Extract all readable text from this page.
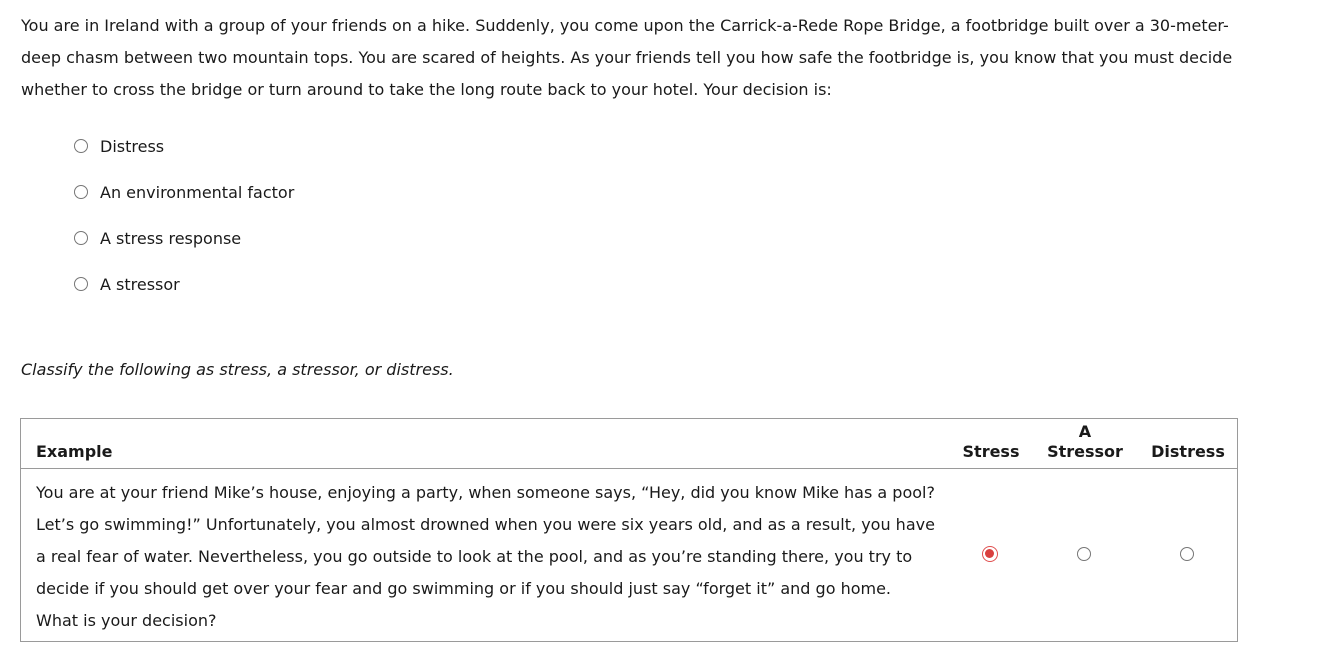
You are in Ireland with a group of your friends on a hike. Suddenly, you come upon the Carrick-a-Rede Rope Bridge, a footbridge built over a 30-meter-deep chasm between two mountain tops. You are scared of heights. As your friends tell you how safe the footbridge is, you know that you must decide whether to cross the bridge or turn around to take the long route back to your hotel. Your decision is:
Distress
An environmental factor
A stress response
A stressor
Classify the following as stress, a stressor, or distress.
Example	Stress
A
Stressor	Distress
You are at your friend Mike’s house, enjoying a party, when someone says, “Hey, did you know Mike has a pool? Let’s go swimming!” Unfortunately, you almost drowned when you were six years old, and as a result, you have a real fear of water. Nevertheless, you go outside to look at the pool, and as you’re standing there, you try to decide if you should get over your fear and go swimming or if you should just say “forget it” and go home. What is your decision?
